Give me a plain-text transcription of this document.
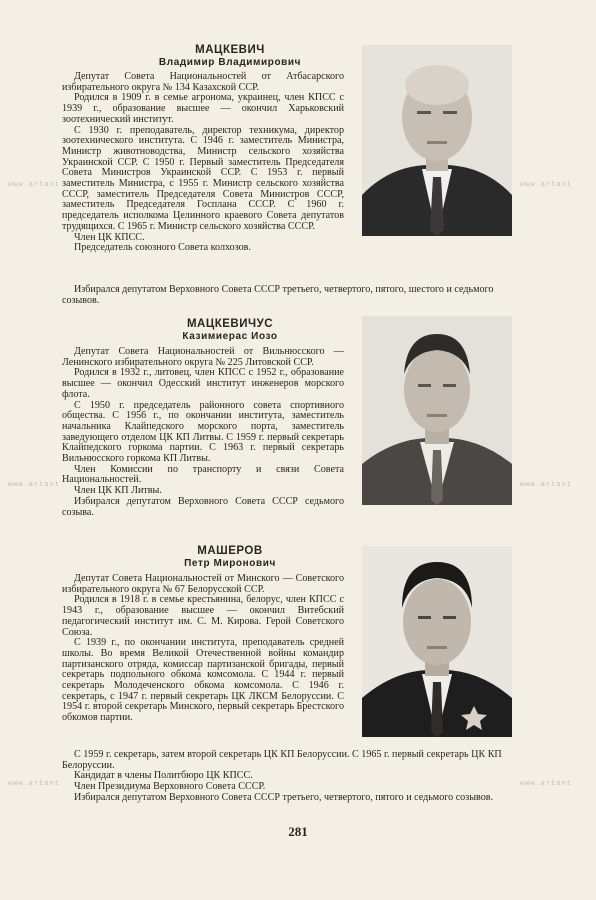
МАЦКЕВИЧ
Владимир Владимирович

Депутат Совета Национальностей от Атбасарского избирательного округа № 134 Казахской ССР.

Родился в 1909 г. в семье агронома, украинец, член КПСС с 1939 г., образование высшее — окончил Харьковский зоотехнический институт.

С 1930 г. преподаватель, директор техникума, директор зоотехнического института. С 1946 г. заместитель Министра, Министр животноводства, Министр сельского хозяйства Украинской ССР. С 1950 г. Первый заместитель Председателя Совета Министров Украинской ССР. С 1953 г. первый заместитель Министра, с 1955 г. Министр сельского хозяйства СССР, заместитель Председателя Совета Министров СССР, заместитель Председателя Госплана СССР. С 1960 г. председатель исполкома Целинного краевого Совета депутатов трудящихся. С 1965 г. Министр сельского хозяйства СССР.

Член ЦК КПСС.

Председатель союзного Совета колхозов.

Избирался депутатом Верховного Совета СССР третьего, четвертого, пятого, шестого и седьмого созывов.

МАЦКЕВИЧУС
Казимиерас Иозо

Депутат Совета Национальностей от Вильнюсского — Ленинского избирательного округа № 225 Литовской ССР.

Родился в 1932 г., литовец, член КПСС с 1952 г., образование высшее — окончил Одесский институт инженеров морского флота.

С 1950 г. председатель районного совета спортивного общества. С 1956 г., по окончании института, заместитель начальника Клайпедского морского порта, заместитель заведующего отделом ЦК КП Литвы. С 1959 г. первый секретарь Клайпедского горкома партии. С 1963 г. первый секретарь Вильнюсского горкома КП Литвы.

Член Комиссии по транспорту и связи Совета Национальностей.

Член ЦК КП Литвы.

Избирался депутатом Верховного Совета СССР седьмого созыва.

МАШЕРОВ
Петр Миронович

Депутат Совета Национальностей от Минского — Советского избирательного округа № 67 Белорусской ССР.

Родился в 1918 г. в семье крестьянина, белорус, член КПСС с 1943 г., образование высшее — окончил Витебский педагогический институт им. С. М. Кирова. Герой Советского Союза.

С 1939 г., по окончании института, преподаватель средней школы. Во время Великой Отечественной войны командир партизанского отряда, комиссар партизанской бригады, первый секретарь подпольного обкома комсомола. С 1944 г. первый секретарь Молодеченского обкома комсомола. С 1946 г. секретарь, с 1947 г. первый секретарь ЦК ЛКСМ Белоруссии. С 1954 г. второй секретарь Минского, первый секретарь Брестского обкомов партии.

С 1959 г. секретарь, затем второй секретарь ЦК КП Белоруссии. С 1965 г. первый секретарь ЦК КП Белоруссии.

Кандидат в члены Политбюро ЦК КПСС.

Член Президиума Верховного Совета СССР.

Избирался депутатом Верховного Совета СССР третьего, четвертого, пятого и седьмого созывов.

www.artant	www.artant
www.artant	www.artant
www.artant	www.artant
281
